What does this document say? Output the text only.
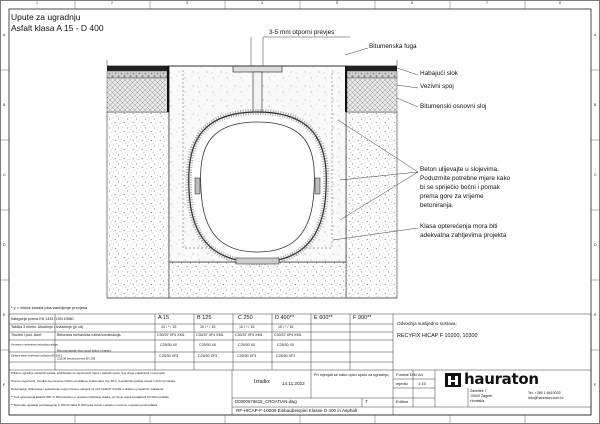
1	2	3	4	5	6	7	8
A
B
C
D
E
F
A
B
C
D
E
F
Upute za ugradnju
Asfalt klasa A 15 - D 400	3-5 mm otporni prevjes
Bitumenska fuga
Habajući slok
Vezivni spoj
Bitumenski osnovni sloj
Beton ulijevajte u slojevima.
Poduzmite potrebne mjere kako
bi se spriječio bočni i pomak
prema gore za vrijeme
betoniranja.
Klasa opterećenja mora biti
adekvatna zahtjevima projekta
* y = visina kanala plus zaobljenje prevjesa
Kategorije prema EN 1433 / DIN 19580	A 15	B 125	C 250	D 400**	E 600**	F 900**
Tablica 3 minim. Ubočenje / Izvlačenje (je od)	10 / * / 15	10 / * / 15	10 / * / 15	10 / * / 15
Tlocrtni i pod. tlocrt	Betonska mehanička rubna konstrukcija	C30/37 XF4 XM1	C30/37 XF4 XM1	C30/37 XF4 XM1	C30/37 XF4 XM1
Armirana i nearmirana betonska podloga
Mat.navnatanje sloju ispod kulice u kanaru
C25/30 X0	C25/30 X0	C25/30 X0	C25/30 X0
Zahtjevi klase izloženosti sukladno EN 206-1
C25/30 betona prema EN 206
C25/30 XF3	C25/30 XF3	C25/30 XF3	C25/30 XF3
Odvodnja suslijedno sustava:
RECYFIX HICAP F 10200, 10300
Prilikom ugradnje odvodnih kanala, pridržavajte se sigurnosnih mjera i zadanih uputa. Sve druge pojedinosti u ovoj uputi.
Prema mogućnosti, izvedba za prometne dužine predviđene maksimalno 2-ju 48 m, koordinirati gradnju uzevši u obzir tip kanala.
Deformacija, oblikovanje i opterećenje mogu iznimno odstupiti od ovih zadanih izvedbi, u skladu s projektnim odlukama.
** Kod opterećenja klasa E 600 i F 900 potrebno je posebno ispitivanje statike, pri čemu uvijek kontaktirati tehničku podršku.
** Betonske ugradnje pod kategorije C 250 do klase D 400 treba izvesti u skladu s normom i uputama proizvođača.
Izradio:	14.11.2022
Pri mjenjati se nabo opću uputu za ugradnju.
D0000676615_CROATIAN.dwg	7
Format DIN A4
mjerilo	1:15
Edition
hauraton
Zaveitek 7
10000 Zagreb
Hrvatska
Tel. +385 1 6610033
info@hauraton.com.hr
RF-HICAP-F-10200 Einbaubeispiel Klasse D 400 in Asphalt
